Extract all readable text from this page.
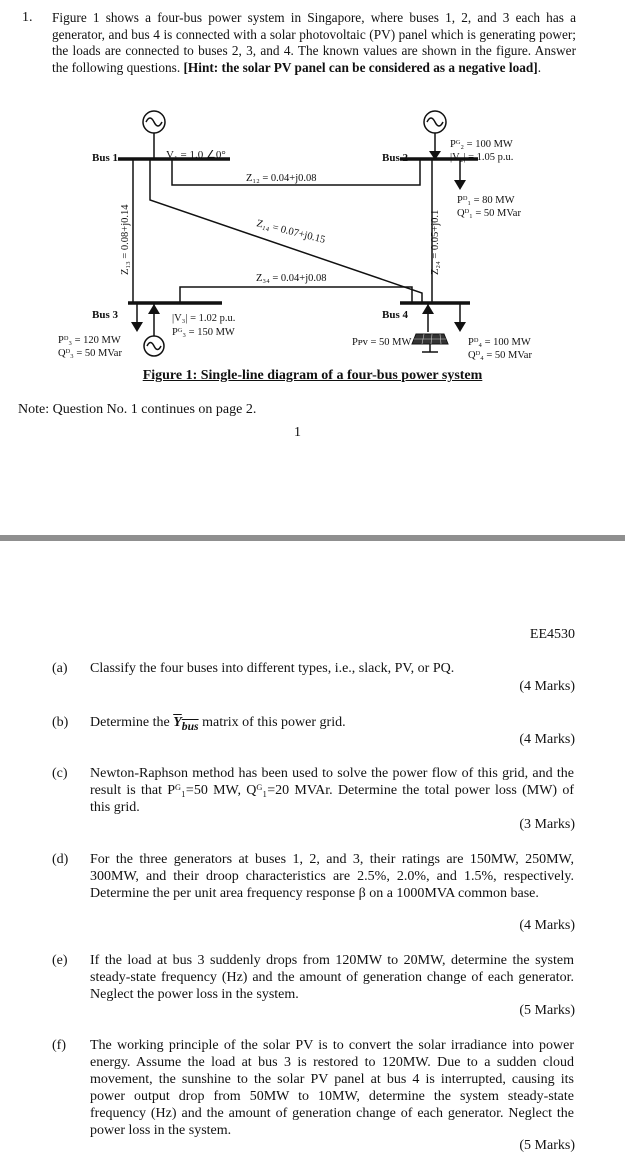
1. Figure 1 shows a four-bus power system in Singapore, where buses 1, 2, and 3 each has a generator, and bus 4 is connected with a solar photovoltaic (PV) panel which is generating power; the loads are connected to buses 2, 3, and 4. The known values are shown in the figure. Answer the following questions. [Hint: the solar PV panel can be considered as a negative load].
Bus 1	Bus 2
Bus 3	Bus 4
V₁ = 1.0 ∠0°
Z₁₂ = 0.04+j0.08
Z₁₄ = 0.07+j0.15
Z₃₄ = 0.04+j0.08
Z₁₃ = 0.08+j0.14	Z₂₄ = 0.05+j0.1
Pᴳ₂ = 100 MW
|V₂| = 1.05 p.u.
Pᴰ₁ = 80 MW
Qᴰ₁ = 50 MVar
|V₃| = 1.02 p.u.
Pᴳ₃ = 150 MW
Pᴰ₃ = 120 MW
Qᴰ₃ = 50 MVar
Pᴘᴠ = 50 MW	Pᴰ₄ = 100 MW
Qᴰ₄ = 50 MVar
Figure 1: Single-line diagram of a four-bus power system
Note: Question No. 1 continues on page 2.
1
EE4530
(a) Classify the four buses into different types, i.e., slack, PV, or PQ.
(4 Marks)
(b) Determine the $Y_{bus}$ matrix of this power grid.
(4 Marks)
(c) Newton-Raphson method has been used to solve the power flow of this grid, and the result is that Pᴳ₁=50 MW, Qᴳ₁=20 MVAr. Determine the total power loss (MW) of this grid.
(3 Marks)
(d) For the three generators at buses 1, 2, and 3, their ratings are 150MW, 250MW, 300MW, and their droop characteristics are 2.5%, 2.0%, and 1.5%, respectively. Determine the per unit area frequency response β on a 1000MVA common base.
(4 Marks)
(e) If the load at bus 3 suddenly drops from 120MW to 20MW, determine the system steady-state frequency (Hz) and the amount of generation change of each generator. Neglect the power loss in the system.
(5 Marks)
(f) The working principle of the solar PV is to convert the solar irradiance into power energy. Assume the load at bus 3 is restored to 120MW. Due to a sudden cloud movement, the sunshine to the solar PV panel at bus 4 is interrupted, causing its power output drop from 50MW to 10MW, determine the system steady-state frequency (Hz) and the amount of generation change of each generator. Neglect the power loss in the system.
(5 Marks)
